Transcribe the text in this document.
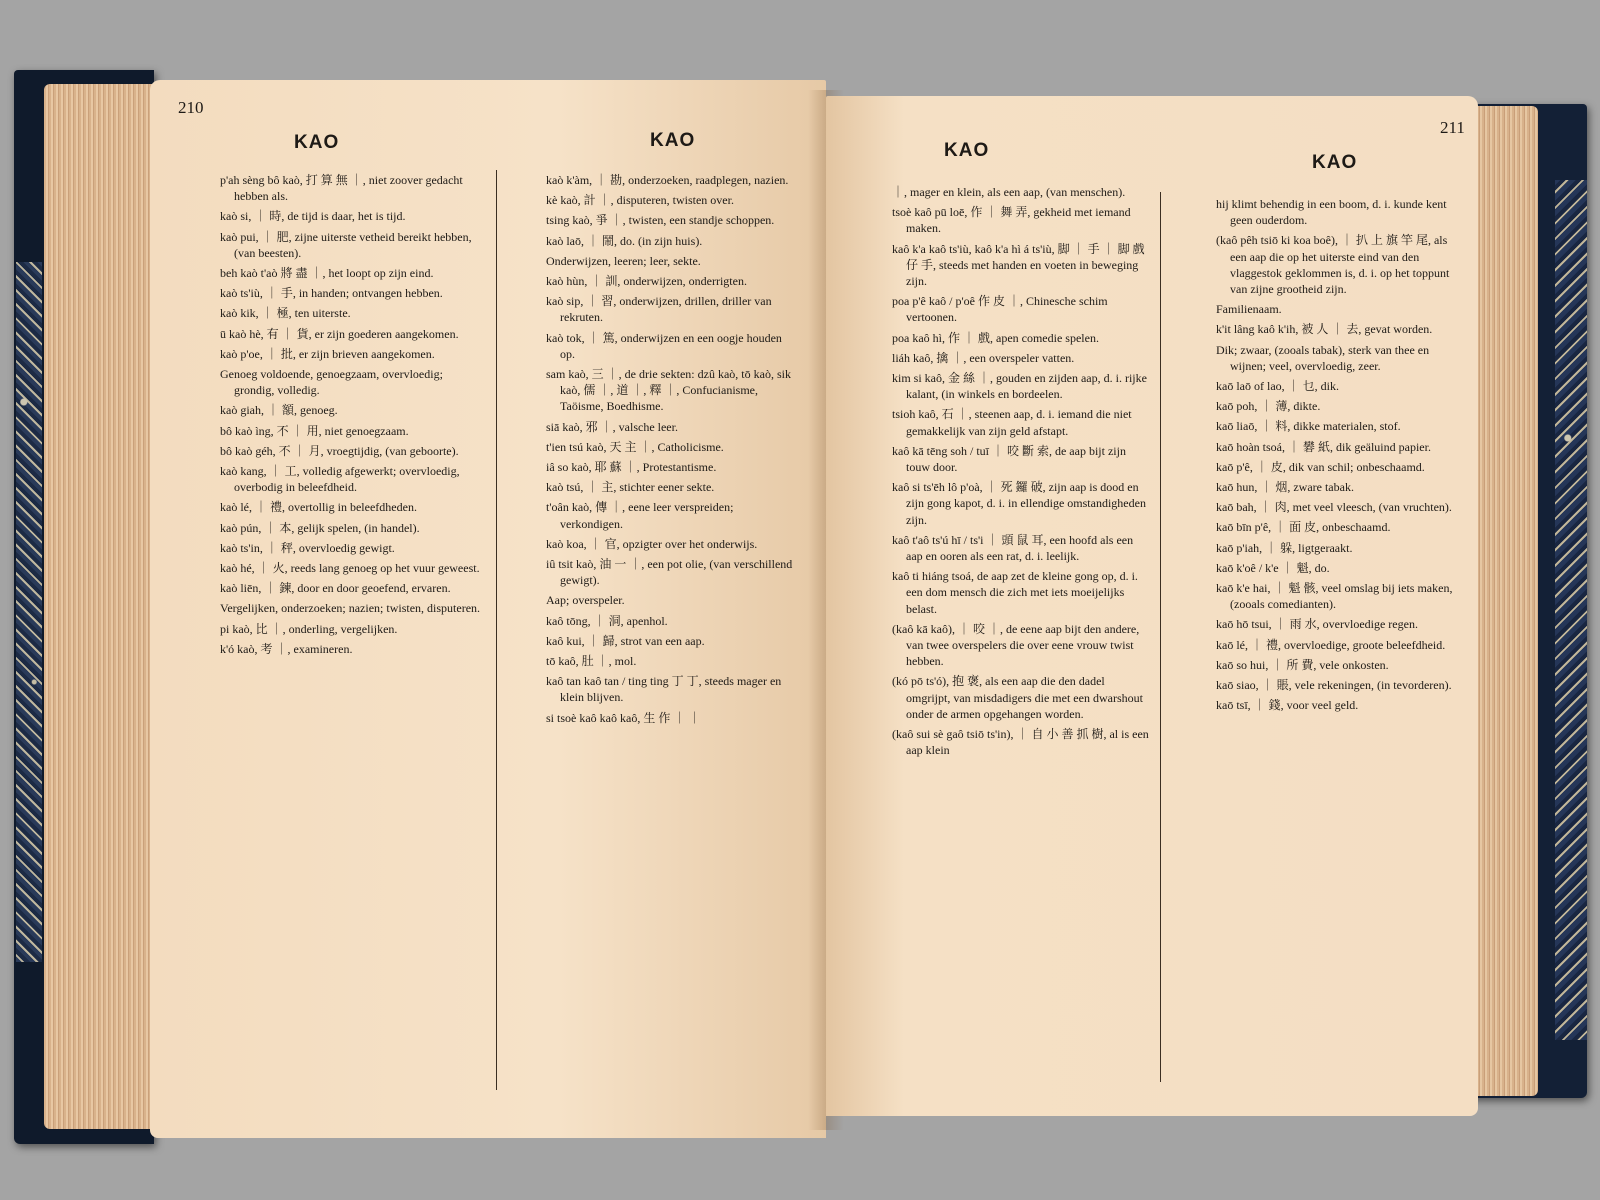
210
KAO	KAO
p'ah sèng bô kaò, 打 算 無 ｜, niet zoover gedacht hebben als.
kaò si, ｜ 時, de tijd is daar, het is tijd.
kaò pui, ｜ 肥, zijne uiterste vetheid bereikt hebben, (van beesten).
beh kaò t'aò 將 盡 ｜, het loopt op zijn eind.
kaò ts'iù, ｜ 手, in handen; ontvangen hebben.
kaò kik, ｜ 極, ten uiterste.
ū kaò hè, 有 ｜ 貨, er zijn goederen aangekomen.
kaò p'oe, ｜ 批, er zijn brieven aangekomen.
Genoeg voldoende, genoegzaam, overvloedig; grondig, volledig.
kaò giah, ｜ 額, genoeg.
bô kaò ìng, 不 ｜ 用, niet genoegzaam.
bô kaò géh, 不 ｜ 月, vroegtijdig, (van geboorte).
kaò kang, ｜ 工, volledig afgewerkt; overvloedig, overbodig in beleefdheid.
kaò lé, ｜ 禮, overtollig in beleefdheden.
kaò pún, ｜ 本, gelijk spelen, (in handel).
kaò ts'in, ｜ 秤, overvloedig gewigt.
kaò hé, ｜ 火, reeds lang genoeg op het vuur geweest.
kaò liēn, ｜ 鍊, door en door geoefend, ervaren.
Vergelijken, onderzoeken; nazien; twisten, disputeren.
pi kaò, 比 ｜, onderling, vergelijken.
k'ó kaò, 考 ｜, examineren.
kaò k'àm, ｜ 勘, onderzoeken, raadplegen, nazien.
kè kaò, 計 ｜, disputeren, twisten over.
tsing kaò, 爭 ｜, twisten, een standje schoppen.
kaò laō, ｜ 鬧, do. (in zijn huis).
Onderwijzen, leeren; leer, sekte.
kaò hùn, ｜ 訓, onderwijzen, onderrigten.
kaò sip, ｜ 習, onderwijzen, drillen, driller van rekruten.
kaò tok, ｜ 篤, onderwijzen en een oogje houden op.
sam kaò, 三 ｜, de drie sekten: dzû kaò, tō kaò, sik kaò, 儒 ｜, 道 ｜, 釋 ｜, Confucianisme, Taöisme, Boedhisme.
siā kaò, 邪 ｜, valsche leer.
t'ien tsú kaò, 天 主 ｜, Catholicisme.
iâ so kaò, 耶 蘇 ｜, Protestantisme.
kaò tsú, ｜ 主, stichter eener sekte.
t'oân kaò, 傳 ｜, eene leer verspreiden; verkondigen.
kaò koa, ｜ 官, opzigter over het onderwijs.
iû tsit kaò, 油 一 ｜, een pot olie, (van verschillend gewigt).
Aap; overspeler.
kaô tōng, ｜ 洞, apenhol.
kaô kui, ｜ 歸, strot van een aap.
tō kaô, 肚 ｜, mol.
kaô tan kaô tan / ting ting 丁 丁, steeds mager en klein blijven.
si tsoè kaô kaô kaô, 生 作 ｜ ｜
211
KAO
KAO
｜, mager en klein, als een aap, (van menschen).
tsoè kaô pū loē, 作 ｜ 舞 弄, gekheid met iemand maken.
kaô k'a kaô ts'iù, kaô k'a hì á ts'iù, 脚 ｜ 手 ｜ 脚 戲 仔 手, steeds met handen en voeten in beweging zijn.
poa p'ê kaô / p'oê 作 皮 ｜, Chinesche schim vertoonen.
poa kaô hì, 作 ｜ 戲, apen comedie spelen.
liáh kaô, 擒 ｜, een overspeler vatten.
kim si kaô, 金 絲 ｜, gouden en zijden aap, d. i. rijke kalant, (in winkels en bordeelen.
tsioh kaô, 石 ｜, steenen aap, d. i. iemand die niet gemakkelijk van zijn geld afstapt.
kaô kā tēng soh / tuī ｜ 咬 斷 索, de aap bijt zijn touw door.
kaô si ts'ēh lô p'oà, ｜ 死 鑼 破, zijn aap is dood en zijn gong kapot, d. i. in ellendige omstandigheden zijn.
kaô t'aô ts'ú hī / ts'i ｜ 頭 鼠 耳, een hoofd als een aap en ooren als een rat, d. i. leelijk.
kaô ti hiáng tsoá, de aap zet de kleine gong op, d. i. een dom mensch die zich met iets moeijelijks belast.
(kaô kā kaô), ｜ 咬 ｜, de eene aap bijt den andere, van twee overspelers die over eene vrouw twist hebben.
(kó pō ts'ó), 抱 褒, als een aap die den dadel omgrijpt, van misdadigers die met een dwarshout onder de armen opgehangen worden.
(kaô sui sè gaô tsiō ts'in), ｜ 自 小 善 抓 樹, al is een aap klein
hij klimt behendig in een boom, d. i. kunde kent geen ouderdom.
(kaô pêh tsiō ki koa boê), ｜ 扒 上 旗 竿 尾, als een aap die op het uiterste eind van den vlaggestok geklommen is, d. i. op het toppunt van zijne grootheid zijn.
Familienaam.
k'it lâng kaô k'ih, 被 人 ｜ 去, gevat worden.
Dik; zwaar, (zooals tabak), sterk van thee en wijnen; veel, overvloedig, zeer.
kaō laō of lao, ｜ 乜, dik.
kaō poh, ｜ 薄, dikte.
kaō liaō, ｜ 料, dikke materialen, stof.
kaō hoàn tsoá, ｜ 礬 紙, dik geäluind papier.
kaō p'ê, ｜ 皮, dik van schil; onbeschaamd.
kaō hun, ｜ 烟, zware tabak.
kaō bah, ｜ 肉, met veel vleesch, (van vruchten).
kaō bīn p'ê, ｜ 面 皮, onbeschaamd.
kaō p'iah, ｜ 躲, ligtgeraakt.
kaō k'oê / k'e ｜ 魁, do.
kaō k'e hai, ｜ 魁 骸, veel omslag bij iets maken, (zooals comedianten).
kaō hō tsui, ｜ 雨 水, overvloedige regen.
kaō lé, ｜ 禮, overvloedige, groote beleefdheid.
kaō so hui, ｜ 所 費, vele onkosten.
kaō siao, ｜ 賬, vele rekeningen, (in tevorderen).
kaō tsī, ｜ 錢, voor veel geld.
